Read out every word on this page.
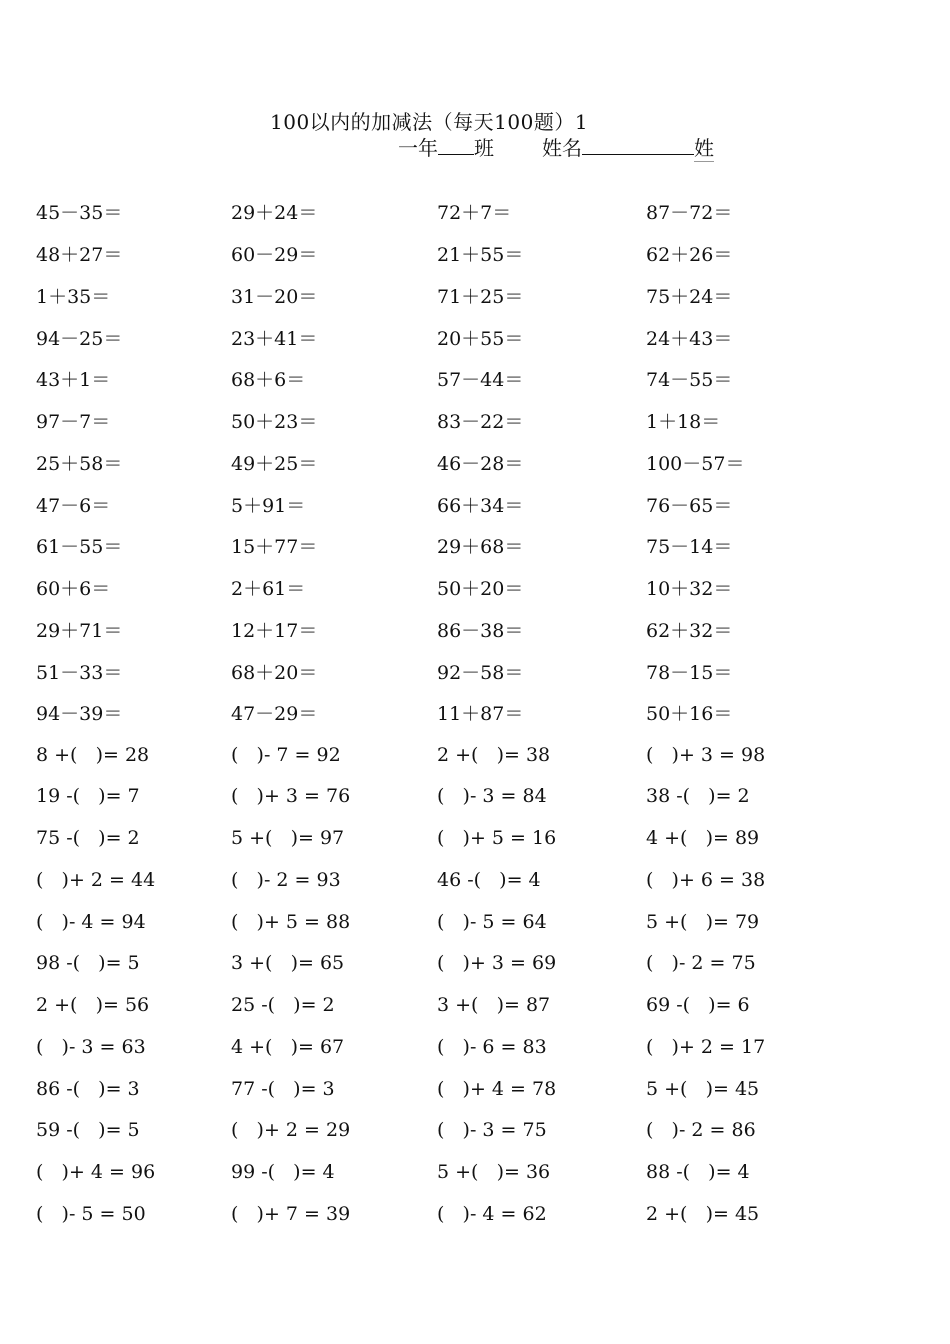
100以内的加减法（每天100题）1
一年 班 姓名	姓
45－35＝	29＋24＝	72＋7＝	87－72＝
48＋27＝	60－29＝	21＋55＝	62＋26＝
1＋35＝	31－20＝	71＋25＝	75＋24＝
94－25＝	23＋41＝	20＋55＝	24＋43＝
43＋1＝	68＋6＝	57－44＝	74－55＝
97－7＝	50＋23＝	83－22＝	1＋18＝
25＋58＝	49＋25＝	46－28＝	100－57＝
47－6＝	5＋91＝	66＋34＝	76－65＝
61－55＝	15＋77＝	29＋68＝	75－14＝
60＋6＝	2＋61＝	50＋20＝	10＋32＝
29＋71＝	12＋17＝	86－38＝	62＋32＝
51－33＝	68＋20＝	92－58＝	78－15＝
94－39＝	47－29＝	11＋87＝	50＋16＝
8 +(   )= 28	(   )- 7 = 92	2 +(   )= 38	(   )+ 3 = 98
19 -(   )= 7	(   )+ 3 = 76	(   )- 3 = 84	38 -(   )= 2
75 -(   )= 2	5 +(   )= 97	(   )+ 5 = 16	4 +(   )= 89
(   )+ 2 = 44	(   )- 2 = 93	46 -(   )= 4	(   )+ 6 = 38
(   )- 4 = 94	(   )+ 5 = 88	(   )- 5 = 64	5 +(   )= 79
98 -(   )= 5	3 +(   )= 65	(   )+ 3 = 69	(   )- 2 = 75
2 +(   )= 56	25 -(   )= 2	3 +(   )= 87	69 -(   )= 6
(   )- 3 = 63	4 +(   )= 67	(   )- 6 = 83	(   )+ 2 = 17
86 -(   )= 3	77 -(   )= 3	(   )+ 4 = 78	5 +(   )= 45
59 -(   )= 5	(   )+ 2 = 29	(   )- 3 = 75	(   )- 2 = 86
(   )+ 4 = 96	99 -(   )= 4	5 +(   )= 36	88 -(   )= 4
(   )- 5 = 50	(   )+ 7 = 39	(   )- 4 = 62	2 +(   )= 45
